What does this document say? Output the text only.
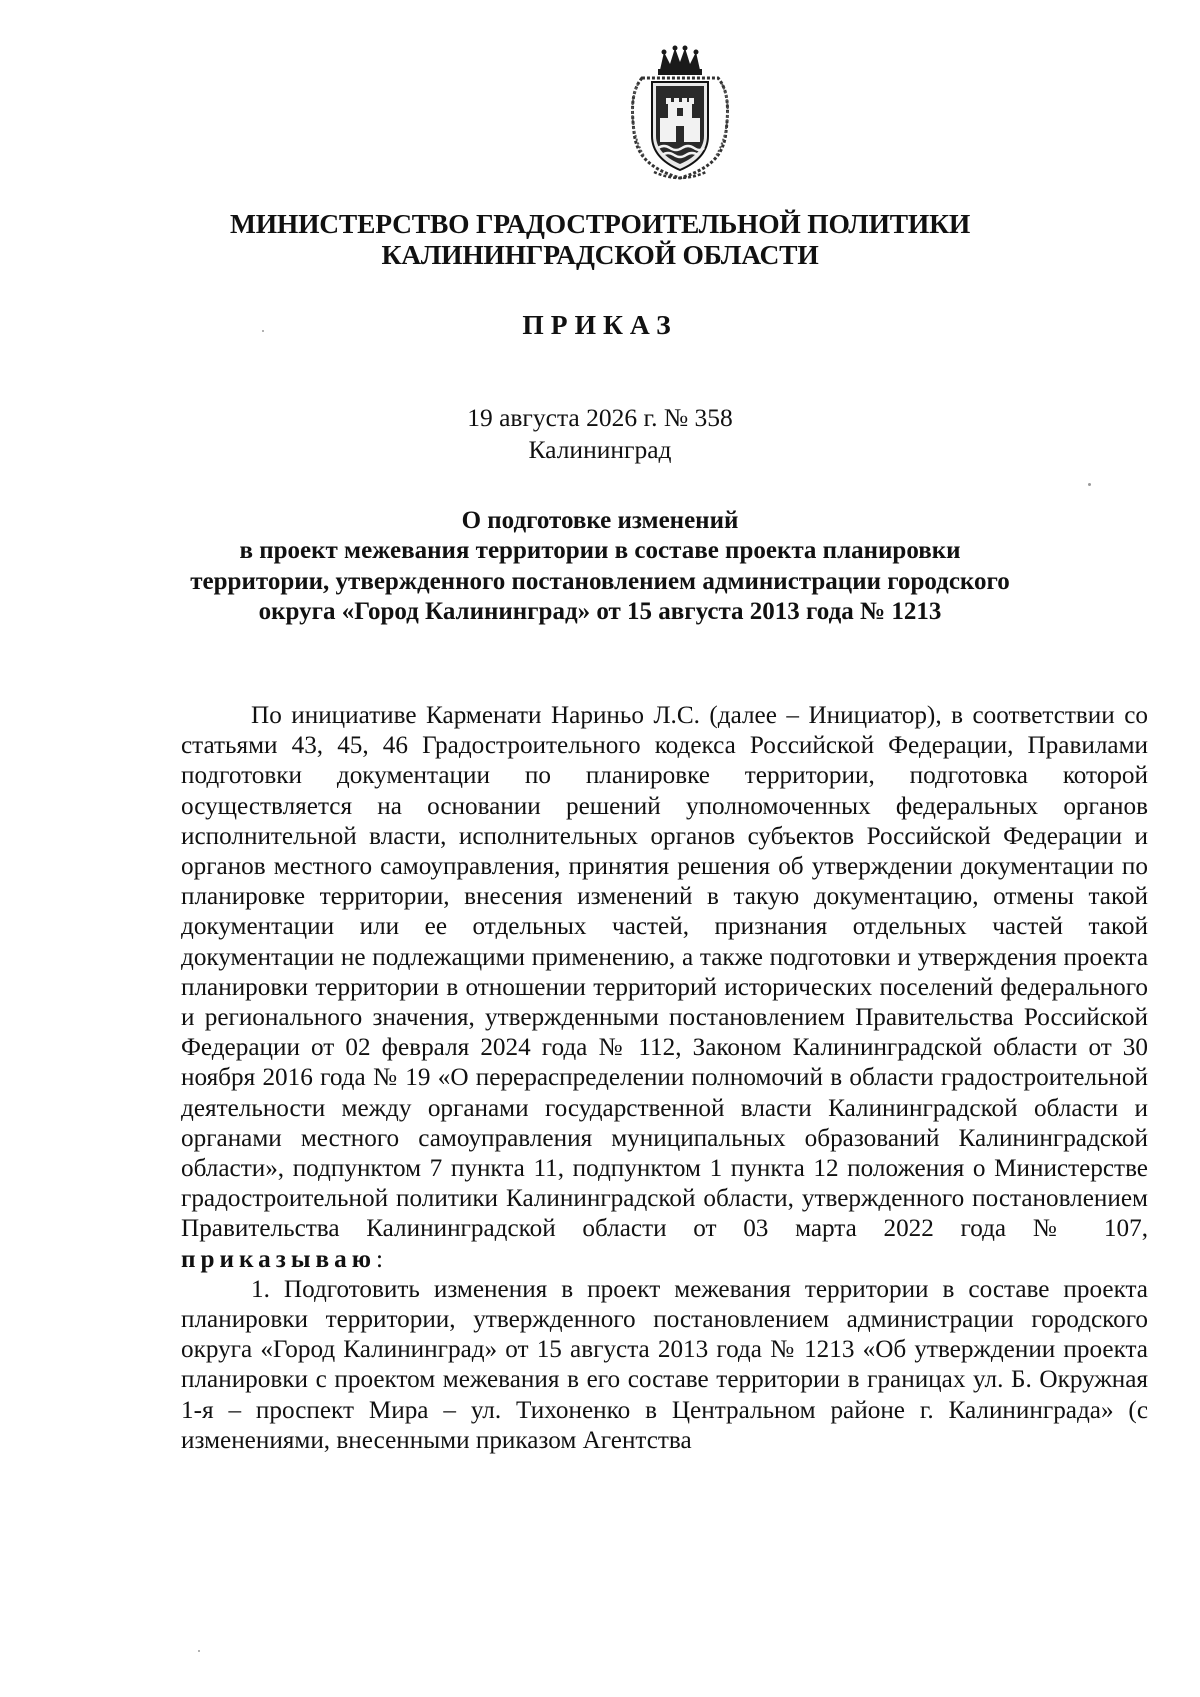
МИНИСТЕРСТВО ГРАДОСТРОИТЕЛЬНОЙ ПОЛИТИКИ
КАЛИНИНГРАДСКОЙ ОБЛАСТИ
ПРИКАЗ
19 августа 2026 г. № 358
Калининград
О подготовке изменений
в проект межевания территории в составе проекта планировки
территории, утвержденного постановлением администрации городского
округа «Город Калининград» от 15 августа 2013 года № 1213

По инициативе Карменати Нариньо Л.С. (далее – Инициатор), в соответствии со статьями 43, 45, 46 Градостроительного кодекса Российской Федерации, Правилами подготовки документации по планировке территории, подготовка которой осуществляется на основании решений уполномоченных федеральных органов исполнительной власти, исполнительных органов субъектов Российской Федерации и органов местного самоуправления, принятия решения об утверждении документации по планировке территории, внесения изменений в такую документацию, отмены такой документации или ее отдельных частей, признания отдельных частей такой документации не подлежащими применению, а также подготовки и утверждения проекта планировки территории в отношении территорий исторических поселений федерального и регионального значения, утвержденными постановлением Правительства Российской Федерации от 02 февраля 2024 года № 112, Законом Калининградской области от 30 ноября 2016 года № 19 «О перераспределении полномочий в области градостроительной деятельности между органами государственной власти Калининградской области и органами местного самоуправления муниципальных образований Калининградской области», подпунктом 7 пункта 11, подпунктом 1 пункта 12 положения о Министерстве градостроительной политики Калининградской области, утвержденного постановлением Правительства Калининградской области от 03 марта 2022 года № 107, приказываю:

1. Подготовить изменения в проект межевания территории в составе проекта планировки территории, утвержденного постановлением администрации городского округа «Город Калининград» от 15 августа 2013 года № 1213 «Об утверждении проекта планировки с проектом межевания в его составе территории в границах ул. Б. Окружная 1-я – проспект Мира – ул. Тихоненко в Центральном районе г. Калининграда» (с изменениями, внесенными приказом Агентства
